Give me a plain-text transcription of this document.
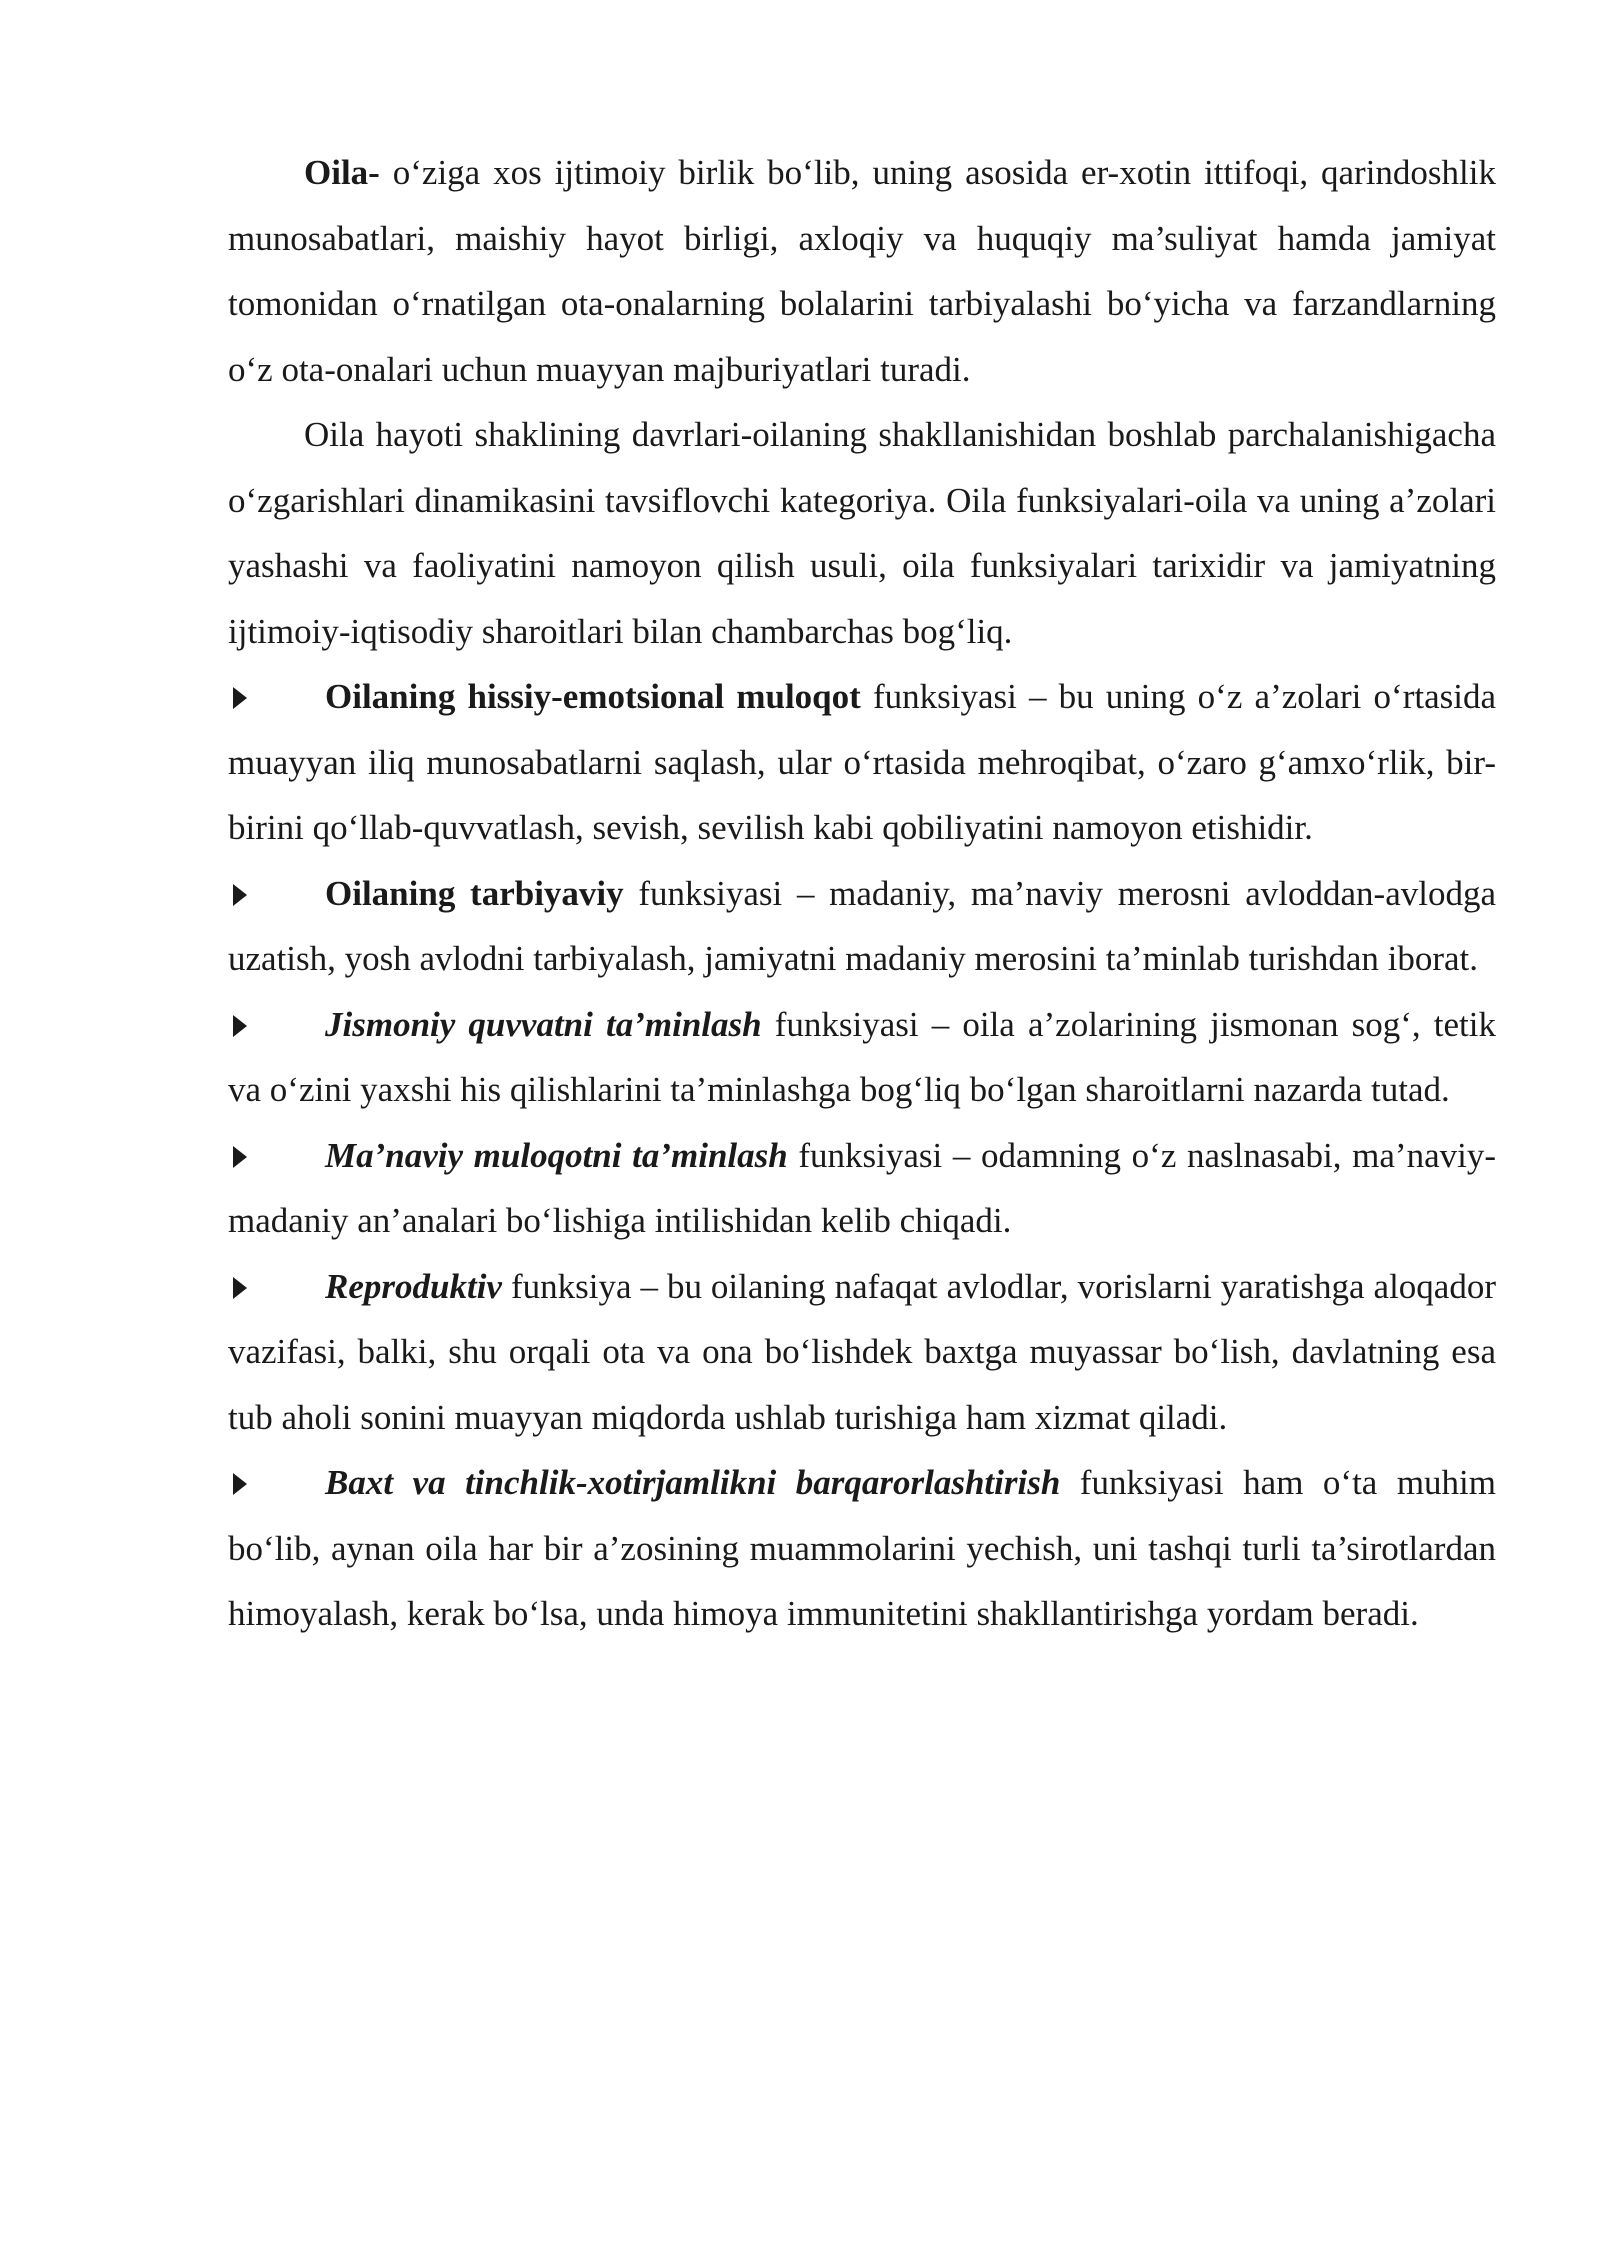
Oila- o‘ziga xos ijtimoiy birlik bo‘lib, uning asosida er-xotin ittifoqi, qarindoshlik munosabatlari, maishiy hayot birligi, axloqiy va huquqiy ma’suliyat hamda jamiyat tomonidan o‘rnatilgan ota-onalarning bolalarini tarbiyalashi bo‘yicha va farzandlarning o‘z ota-onalari uchun muayyan majburiyatlari turadi.

Oila hayoti shaklining davrlari-oilaning shakllanishidan boshlab parchalanishigacha o‘zgarishlari dinamikasini tavsiflovchi kategoriya. Oila funksiyalari-oila va uning a’zolari yashashi va faoliyatini namoyon qilish usuli, oila funksiyalari tarixidir va jamiyatning ijtimoiy-iqtisodiy sharoitlari bilan chambarchas bog‘liq.

Oilaning hissiy-emotsional muloqot funksiyasi – bu uning o‘z a’zolari o‘rtasida muayyan iliq munosabatlarni saqlash, ular o‘rtasida mehroqibat, o‘zaro g‘amxo‘rlik, bir-birini qo‘llab-quvvatlash, sevish, sevilish kabi qobiliyatini namoyon etishidir.

Oilaning tarbiyaviy funksiyasi – madaniy, ma’naviy merosni avloddan-avlodga uzatish, yosh avlodni tarbiyalash, jamiyatni madaniy merosini ta’minlab turishdan iborat.

Jismoniy quvvatni ta’minlash funksiyasi – oila a’zolarining jismonan sog‘, tetik va o‘zini yaxshi his qilishlarini ta’minlashga bog‘liq bo‘lgan sharoitlarni nazarda tutad.

Ma’naviy muloqotni ta’minlash funksiyasi – odamning o‘z naslnasabi, ma’naviy-madaniy an’analari bo‘lishiga intilishidan kelib chiqadi.

Reproduktiv funksiya – bu oilaning nafaqat avlodlar, vorislarni yaratishga aloqador vazifasi, balki, shu orqali ota va ona bo‘lishdek baxtga muyassar bo‘lish, davlatning esa tub aholi sonini muayyan miqdorda ushlab turishiga ham xizmat qiladi.

Baxt va tinchlik-xotirjamlikni barqarorlashtirish funksiyasi ham o‘ta muhim bo‘lib, aynan oila har bir a’zosining muammolarini yechish, uni tashqi turli ta’sirotlardan himoyalash, kerak bo‘lsa, unda himoya immunitetini shakllantirishga yordam beradi.
